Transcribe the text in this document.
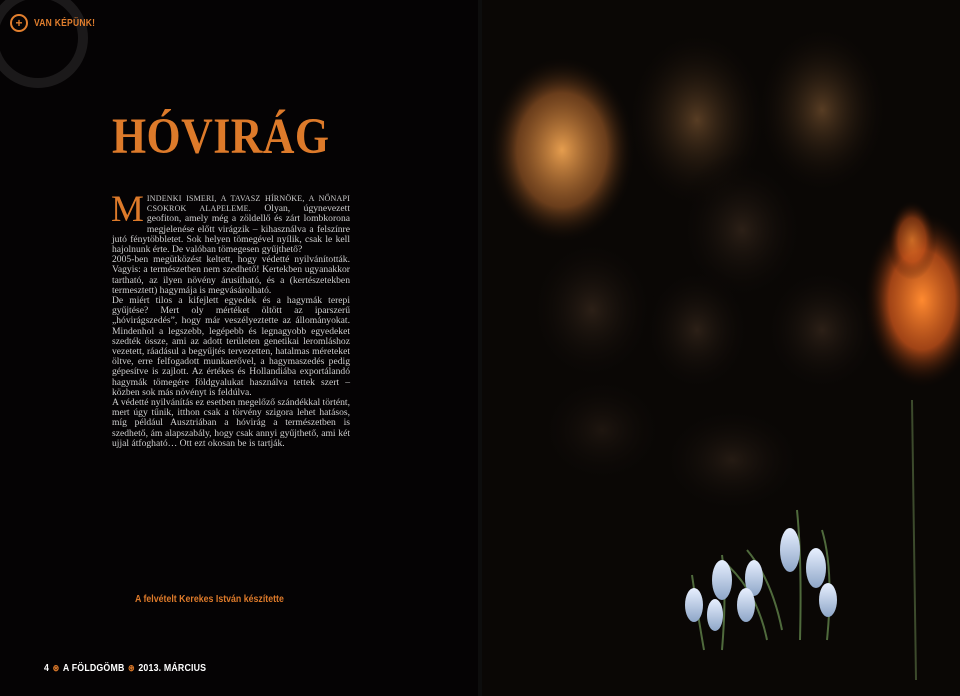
+	VAN KÉPÜNK!
HÓVIRÁG

MINDENKI ISMERI, A TAVASZ HÍRNÖKE, A NŐNAPI CSOKROK ALAPELEME. Olyan, úgynevezett geofiton, amely még a zöldellő és zárt lombkorona megjelenése előtt virágzik – kihasználva a felszínre jutó fénytöbbletet. Sok helyen tömegével nyílik, csak le kell hajolnunk érte. De valóban tömegesen gyűjthető?

2005-ben megütközést keltett, hogy védetté nyilvánították. Vagyis: a természetben nem szedhető! Kertekben ugyanakkor tartható, az ilyen növény árusítható, és a (kertészetekben termesztett) hagymája is megvásárolható.

De miért tilos a kifejlett egyedek és a hagymák terepi gyűjtése? Mert oly mértéket öltött az iparszerű „hóvirágszedés”, hogy már veszélyeztette az állományokat. Mindenhol a legszebb, legépebb és legnagyobb egyedeket szedték össze, ami az adott területen genetikai leromláshoz vezetett, ráadásul a begyűjtés tervezetten, hatalmas méreteket öltve, erre felfogadott munkaerővel, a hagymaszedés pedig gépesítve is zajlott. Az értékes és Hollandiába exportálandó hagymák tömegére földgyalukat használva tettek szert – közben sok más növényt is feldúlva.

A védetté nyilvánítás ez esetben megelőző szándékkal történt, mert úgy tűnik, itthon csak a törvény szigora lehet hatásos, míg például Ausztriában a hóvirág a természetben is szedhető, ám alapszabály, hogy csak annyi gyűjthető, ami két ujjal átfogható… Ott ezt okosan be is tartják.

A felvételt Kerekes István készítette
4 ⊛ A FÖLDGÖMB ⊛ 2013. MÁRCIUS
